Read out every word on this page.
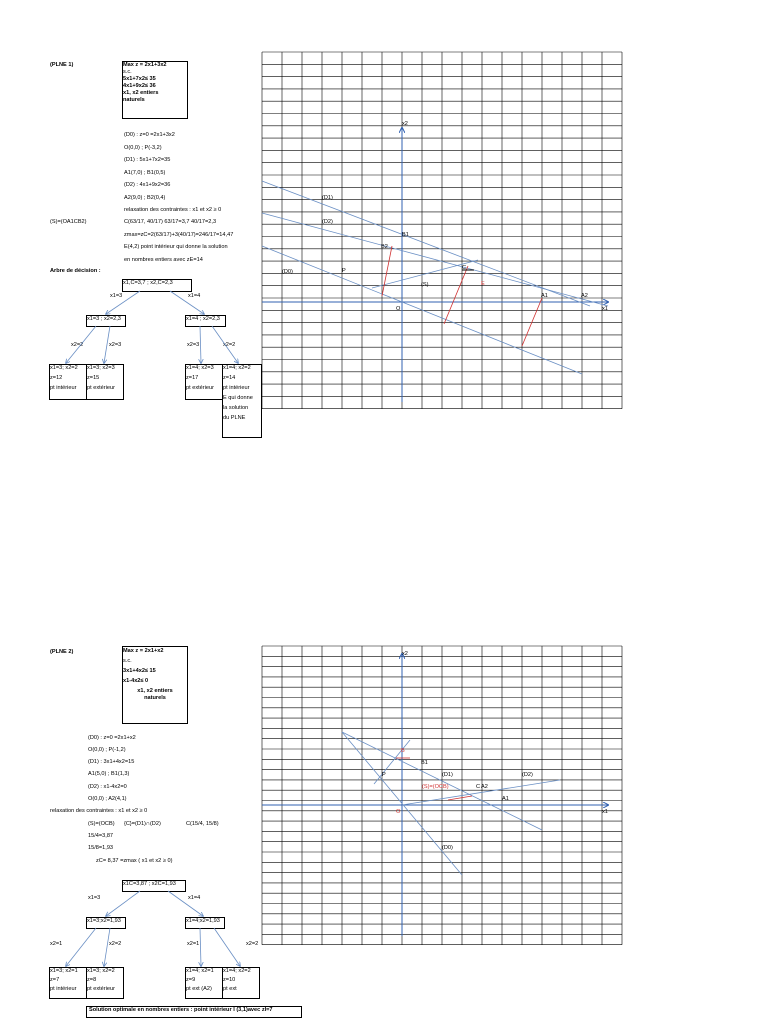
(PLNE 1)	Max z = 2x1+3x2
s.c.
5x1+7x2≤ 35
4x1+9x2≤ 36
x1, x2 entiers
naturels
(D0) : z=0 =2x1+3x2
O(0,0) ; P(-3,2)
(D1) : 5x1+7x2=35
A1(7,0) ; B1(0,5)
(D2) : 4x1+9x2=36
A2(9,0) ; B2(0,4)
relaxation des contraintes : x1 et x2 ≥ 0
(S)=(OA1CB2)	C(63/17, 40/17) 63/17=3,7 40/17=2,3
zmax=zC=2(63/17)+3(40/17)=246/17=14,47
E(4,2) point intérieur qui donne la solution
en nombres entiers avec zE=14
Arbre de décision :
x1,C=3,7 ; x2,C=2,3
x1=3	x1=4
x1=3 ; x2=2,3	x1=4 ; x2=2,3
x2=2	x2=3	x2=3	x2=2
x1=3; x2=2
z=12
pt intérieur
x1=3; x2=3
z=15
pt extérieur
x1=4; x2=3
z=17
pt extérieur
x1=4; x2=2
z=14
pt intérieur
E qui donne
la solution
du PLNE
(PLNE 2)	Max z = 2x1+x2
s.c.
3x1+4x2≤ 15
x1-4x2≤ 0
x1, x2 entiers
naturels
(D0) : z=0 =2x1+x2
O(0,0) ; P(-1,2)
(D1) : 3x1+4x2=15
A1(5,0) ; B1(1,3)
(D2) : x1-4x2=0
O(0,0) ; A2(4,1)
relaxation des contraintes : x1 et x2 ≥ 0
(S)=(OCB) {C}=(D1)∩(D2)	C(15/4, 15/8)
15/4=3,87
15/8=1,93
zC= 8,37 =zmax ( x1 et x2 ≥ 0)
x1C=3,87 ; x2C=1,93
x1=3	x1=4
x1=3;x2=1,93	x1=4;x2=1,93
x2=1	x2=2	x2=1	x2=2
x1=3; x2=1
z=7
pt intérieur
x1=3; x2=2
z=8
pt extérieur
x1=4; x2=1
z=9
pt ext (A2)
x1=4; x2=2
z=10
pt ext
Solution optimale en nombres entiers : point intérieur I (3,1)avec zI=7
x2
(D1)
(D2)
B1
B2
(D0)	P	C
E
(S)
A1	A2
O	x1
x2
B
B1
P	(D1)	(D2)
(S)=(OCB)	C A2
A1
O	x1
(D0)
